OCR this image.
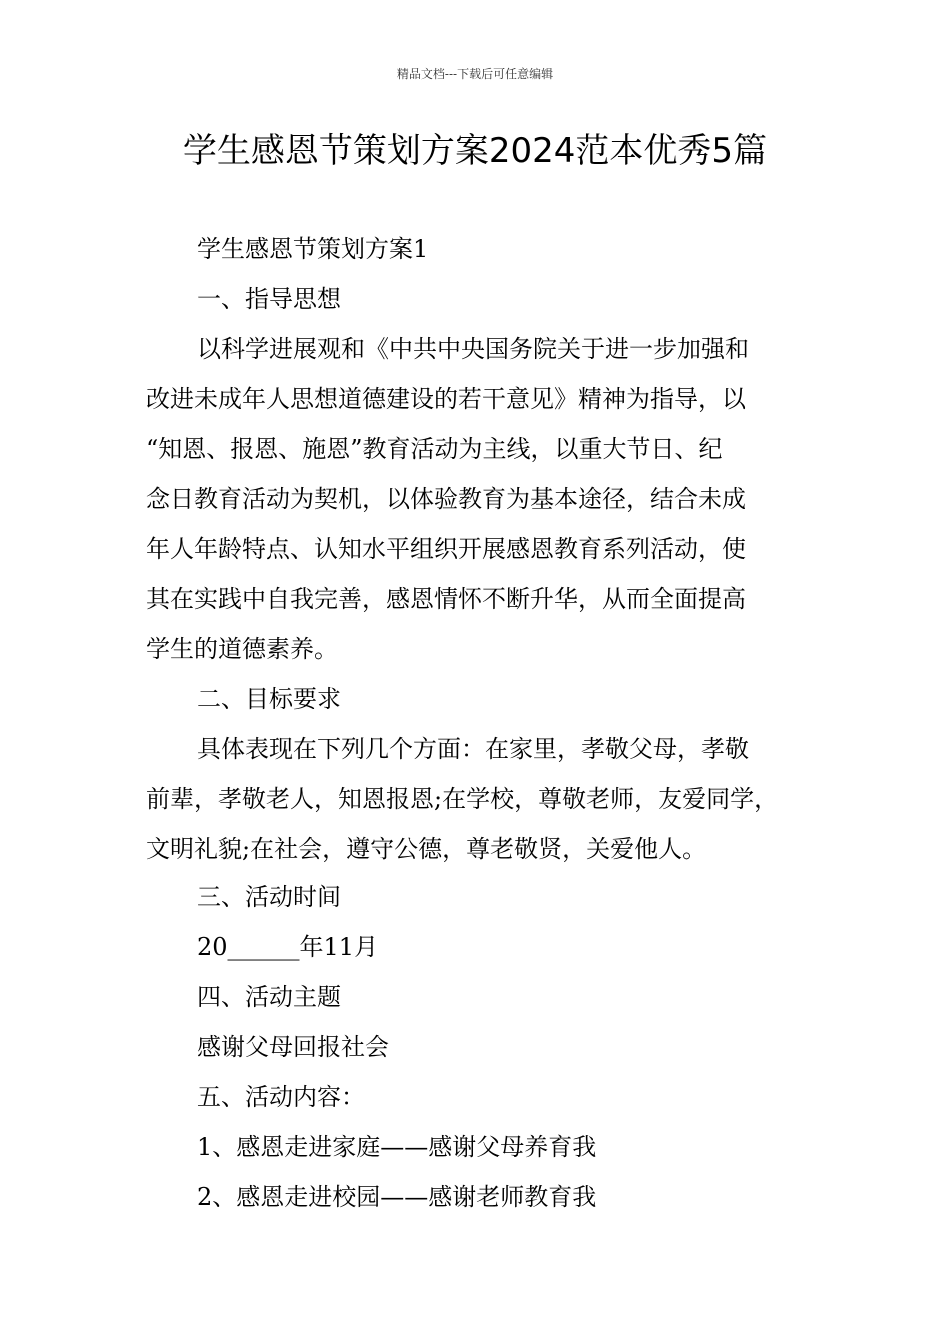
精品文档---下载后可任意编辑
学生感恩节策划方案2024范本优秀5篇
学生感恩节策划方案1
一、指导思想
以科学进展观和《中共中央国务院关于进一步加强和
改进未成年人思想道德建设的若干意见》精神为指导，以
“知恩、报恩、施恩”教育活动为主线，以重大节日、纪
念日教育活动为契机，以体验教育为基本途径，结合未成
年人年龄特点、认知水平组织开展感恩教育系列活动，使
其在实践中自我完善，感恩情怀不断升华，从而全面提高
学生的道德素养。
二、目标要求
具体表现在下列几个方面：在家里，孝敬父母，孝敬
前辈，孝敬老人，知恩报恩;在学校，尊敬老师，友爱同学，
文明礼貌;在社会，遵守公德，尊老敬贤，关爱他人。
三、活动时间
20______年11月
四、活动主题
感谢父母回报社会
五、活动内容：
1、感恩走进家庭——感谢父母养育我
2、感恩走进校园——感谢老师教育我
